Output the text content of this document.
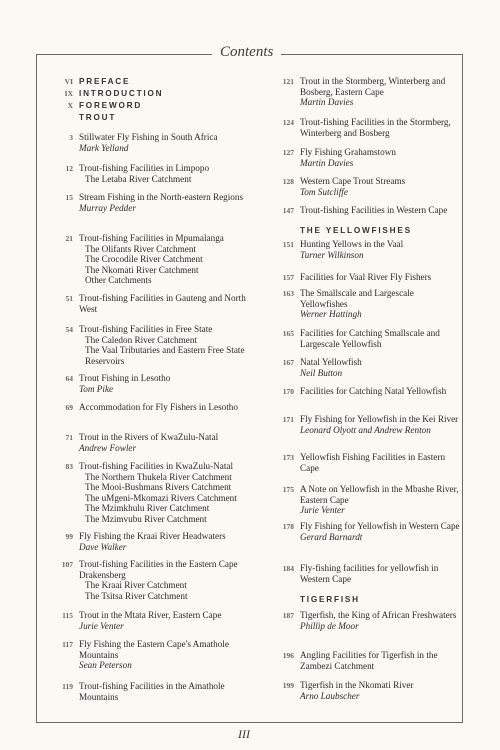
Contents
VI PREFACE
IX INTRODUCTION
X FOREWORD
TROUT
3 Stillwater Fly Fishing in South Africa
Mark Yelland
12 Trout-fishing Facilities in Limpopo
The Letaba River Catchment
15 Stream Fishing in the North-eastern Regions
Murray Pedder
21 Trout-fishing Facilities in Mpumalanga
The Olifants River Catchment
The Crocodile River Catchment
The Nkomati River Catchment
Other Catchments
51 Trout-fishing Facilities in Gauteng and North West
54 Trout-fishing Facilities in Free State
The Caledon River Catchment
The Vaal Tributaries and Eastern Free State Reservoirs
64 Trout Fishing in Lesotho
Tom Pike
69 Accommodation for Fly Fishers in Lesotho
71 Trout in the Rivers of KwaZulu-Natal
Andrew Fowler
83 Trout-fishing Facilities in KwaZulu-Natal
The Northern Thukela River Catchment
The Mooi-Bushmans Rivers Catchment
The uMgeni-Mkomazi Rivers Catchment
The Mzimkhulu River Catchment
The Mzimvubu River Catchment
99 Fly Fishing the Kraai River Headwaters
Dave Walker
107 Trout-fishing Facilities in the Eastern Cape Drakensberg
The Kraai River Catchment
The Tsitsa River Catchment
115 Trout in the Mtata River, Eastern Cape
Jurie Venter
117 Fly Fishing the Eastern Cape's Amathole Mountains
Sean Peterson
119 Trout-fishing Facilities in the Amathole Mountains
121 Trout in the Stormberg, Winterberg and Bosberg, Eastern Cape
Martin Davies
124 Trout-fishing Facilities in the Stormberg, Winterberg and Bosberg
127 Fly Fishing Grahamstown
Martin Davies
128 Western Cape Trout Streams
Tom Sutcliffe
147 Trout-fishing Facilities in Western Cape
THE YELLOWFISHES
151 Hunting Yellows in the Vaal
Turner Wilkinson
157 Facilities for Vaal River Fly Fishers
163 The Smallscale and Largescale Yellowfishes
Werner Hattingh
165 Facilities for Catching Smallscale and Largescale Yellowfish
167 Natal Yellowfish
Neil Button
170 Facilities for Catching Natal Yellowfish
171 Fly Fishing for Yellowfish in the Kei River
Leonard Olyott and Andrew Renton
173 Yellowfish Fishing Facilities in Eastern Cape
175 A Note on Yellowfish in the Mbashe River, Eastern Cape
Jurie Venter
178 Fly Fishing for Yellowfish in Western Cape
Gerard Barnardt
184 Fly-fishing facilities for yellowfish in Western Cape
TIGERFISH
187 Tigerfish, the King of African Freshwaters
Phillip de Moor
196 Angling Facilities for Tigerfish in the Zambezi Catchment
199 Tigerfish in the Nkomati River
Arno Laubscher
III
